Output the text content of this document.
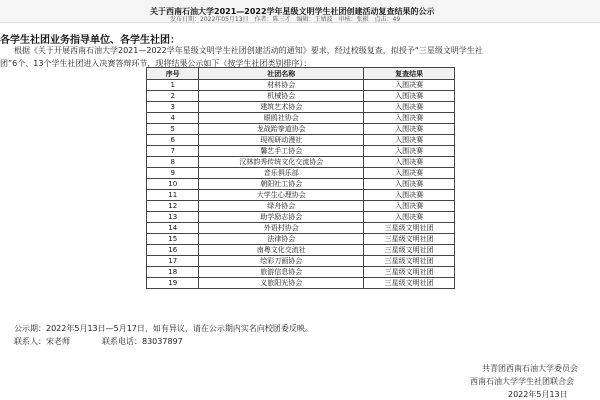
关于西南石油大学2021—2022学年星级文明学生社团创建活动复查结果的公示
发布日期：2022年05月13日　作者：陈三才　编辑：王婧波　审核：张振　点击：49
各学生社团业务指导单位、各学生社团：
根据《关于开展西南石油大学2021—2022学年星级文明学生社团创建活动的通知》要求，经过校级复查，拟授予“三星级文明学生社
团”6个、13个学生社团进入决赛答辩环节，现将结果公示如下（按学生社团类别排序）：
序号	社团名称	复查结果
1	材料协会	入围决赛
2	机械协会	入围决赛
3	建筑艺术协会	入围决赛
4	眼鸥社协会	入围决赛
5	龙战跆拳道协会	入围决赛
6	现视研动漫社	入围决赛
7	馨艺手工协会	入围决赛
8	汉林韵秀传统文化交流协会	入围决赛
9	音乐俱乐部	入围决赛
10	朝阳社工协会	入围决赛
11	大学生心理协会	入围决赛
12	绿舟协会	入围决赛
13	助学励志协会	入围决赛
14	外语村协会	三星级文明社团
15	法律协会	三星级文明社团
16	南粤文化交流社	三星级文明社团
17	绘彩刀画协会	三星级文明社团
18	旅游信息协会	三星级文明社团
19	义旅阳光协会	三星级文明社团
公示期：2022年5月13日—5月17日，如有异议，请在公示期内实名向校团委反映。
联系人：宋老师	联系电话：83037897
共青团西南石油大学委员会
西南石油大学学生社团联合会
2022年5月13日
